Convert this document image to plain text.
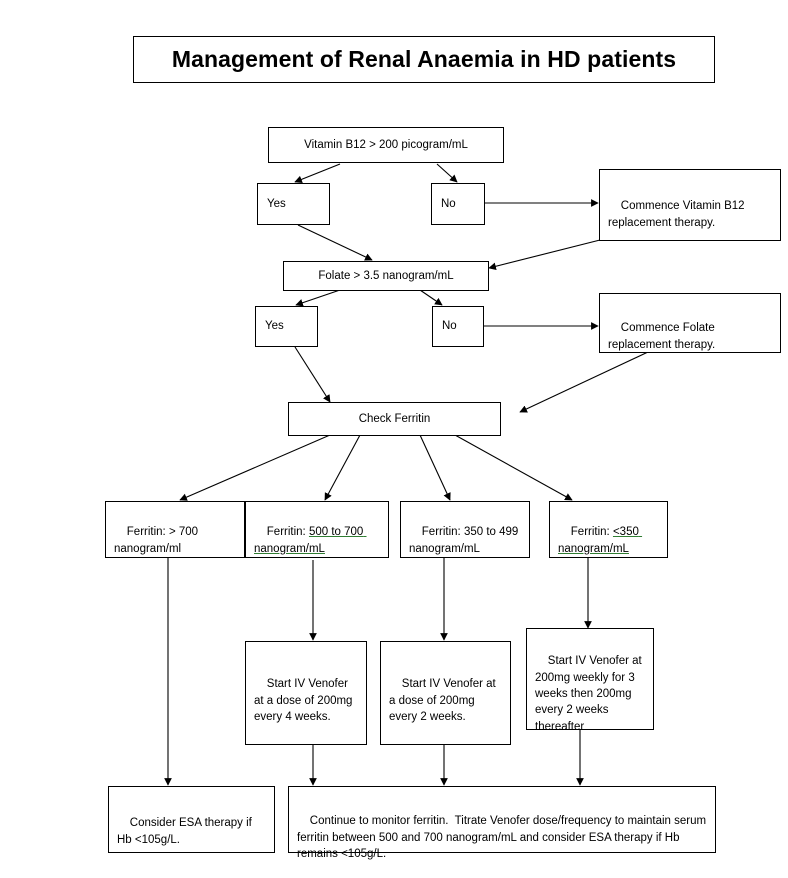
Management of Renal Anaemia in HD patients
Vitamin B12 > 200 picogram/mL
Yes	No	Commence Vitamin B12 replacement therapy.

Folate > 3.5 nanogram/mL
Yes	No	Commence Folate replacement therapy.

Check Ferritin

Ferritin: > 700 nanogram/ml

Ferritin: 500 to 700 nanogram/mL

Ferritin: 350 to 499 nanogram/mL

Ferritin: <350 nanogram/mL

Start IV Venofer at a dose of 200mg every 4 weeks.

Start IV Venofer at a dose of 200mg every 2 weeks.

Start IV Venofer at 200mg weekly for 3 weeks then 200mg every 2 weeks thereafter

Consider ESA therapy if Hb <105g/L.

Continue to monitor ferritin.  Titrate Venofer dose/frequency to maintain serum ferritin between 500 and 700 nanogram/mL and consider ESA therapy if Hb remains <105g/L.
